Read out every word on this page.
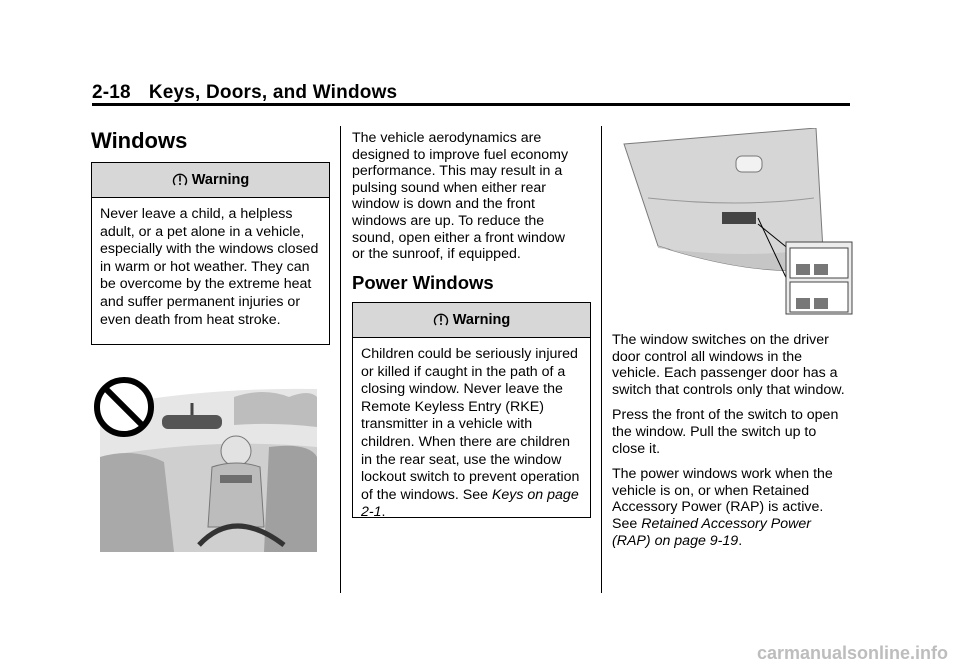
2-18 Keys, Doors, and Windows
Windows
Warning
Never leave a child, a helpless adult, or a pet alone in a vehicle, especially with the windows closed in warm or hot weather. They can be overcome by the extreme heat and suffer permanent injuries or even death from heat stroke.
The vehicle aerodynamics are designed to improve fuel economy performance. This may result in a pulsing sound when either rear window is down and the front windows are up. To reduce the sound, open either a front window or the sunroof, if equipped.
Power Windows
Warning
Children could be seriously injured or killed if caught in the path of a closing window. Never leave the Remote Keyless Entry (RKE) transmitter in a vehicle with children. When there are children in the rear seat, use the window lockout switch to prevent operation of the windows. See Keys on page 2-1.

The window switches on the driver door control all windows in the vehicle. Each passenger door has a switch that controls only that window.

Press the front of the switch to open the window. Pull the switch up to close it.

The power windows work when the vehicle is on, or when Retained Accessory Power (RAP) is active. See Retained Accessory Power (RAP) on page 9-19.

carmanualsonline.info
